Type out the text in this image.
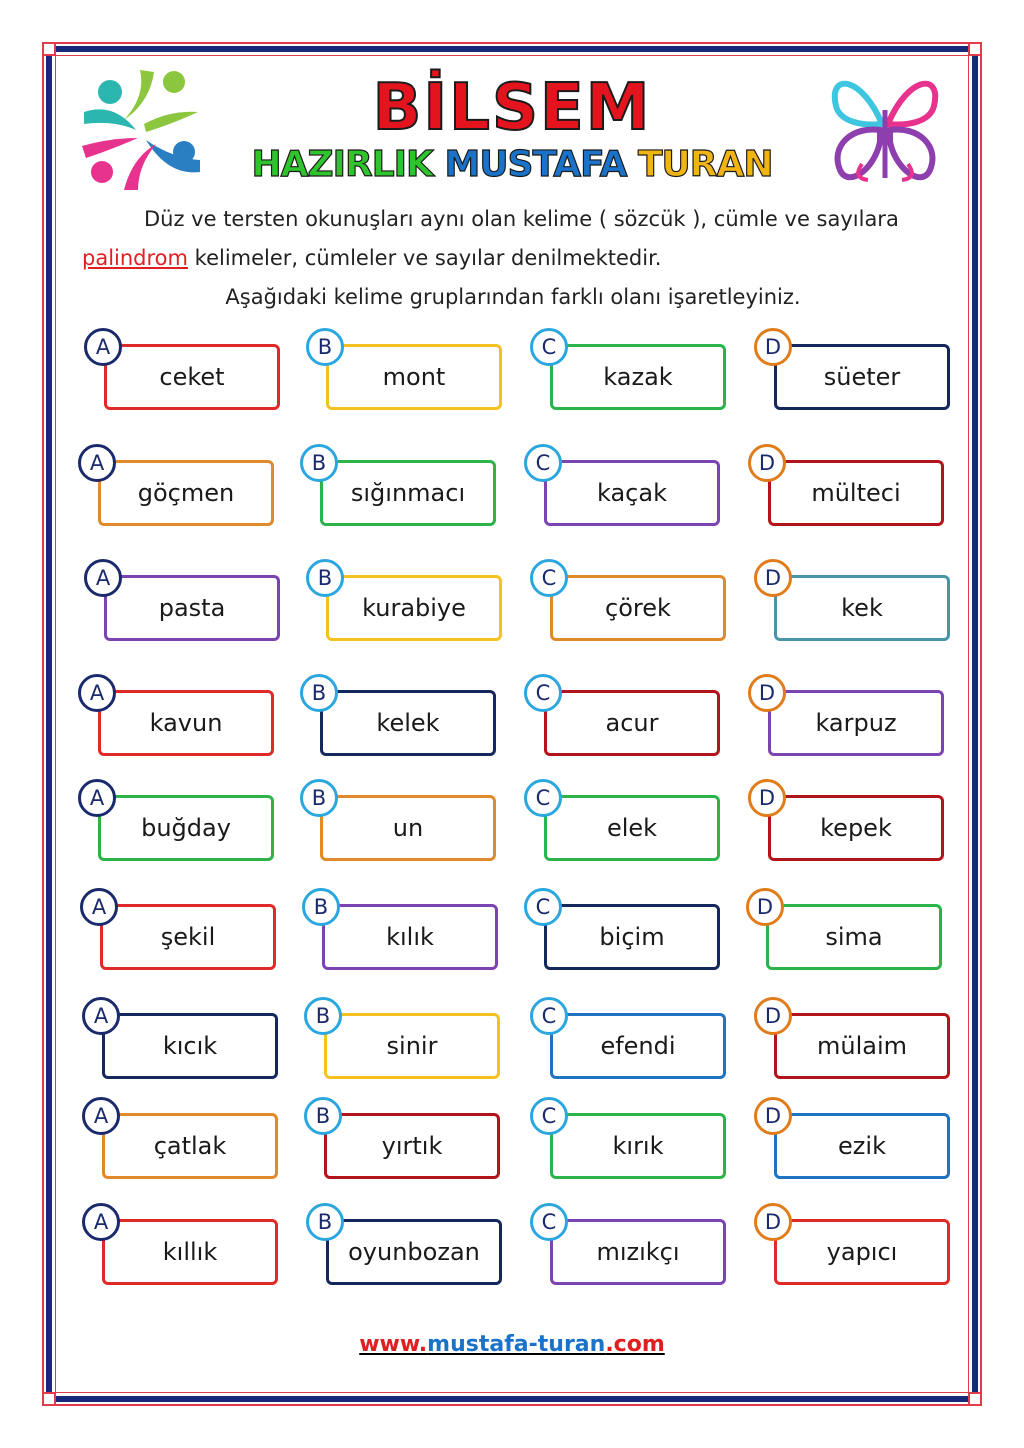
BİLSEM
HAZIRLIK MUSTAFA TURAN
Düz ve tersten okunuşları aynı olan kelime ( sözcük ), cümle ve sayılara
palindrom kelimeler, cümleler ve sayılar denilmektedir.
Aşağıdaki kelime gruplarından farklı olanı işaretleyiniz.
ceket
A
mont
B
kazak
C
süeter
D
göçmen
A
sığınmacı
B
kaçak
C
mülteci
D
pasta
A
kurabiye
B
çörek
C
kek
D
kavun
A
kelek
B
acur
C
karpuz
D
buğday
A
un
B
elek
C
kepek
D
şekil
A
kılık
B
biçim
C
sima
D
kıcık
A
sinir
B
efendi
C
mülaim
D
çatlak
A
yırtık
B
kırık
C
ezik
D
kıllık
A
oyunbozan
B
mızıkçı
C
yapıcı
D
www.mustafa-turan.com
